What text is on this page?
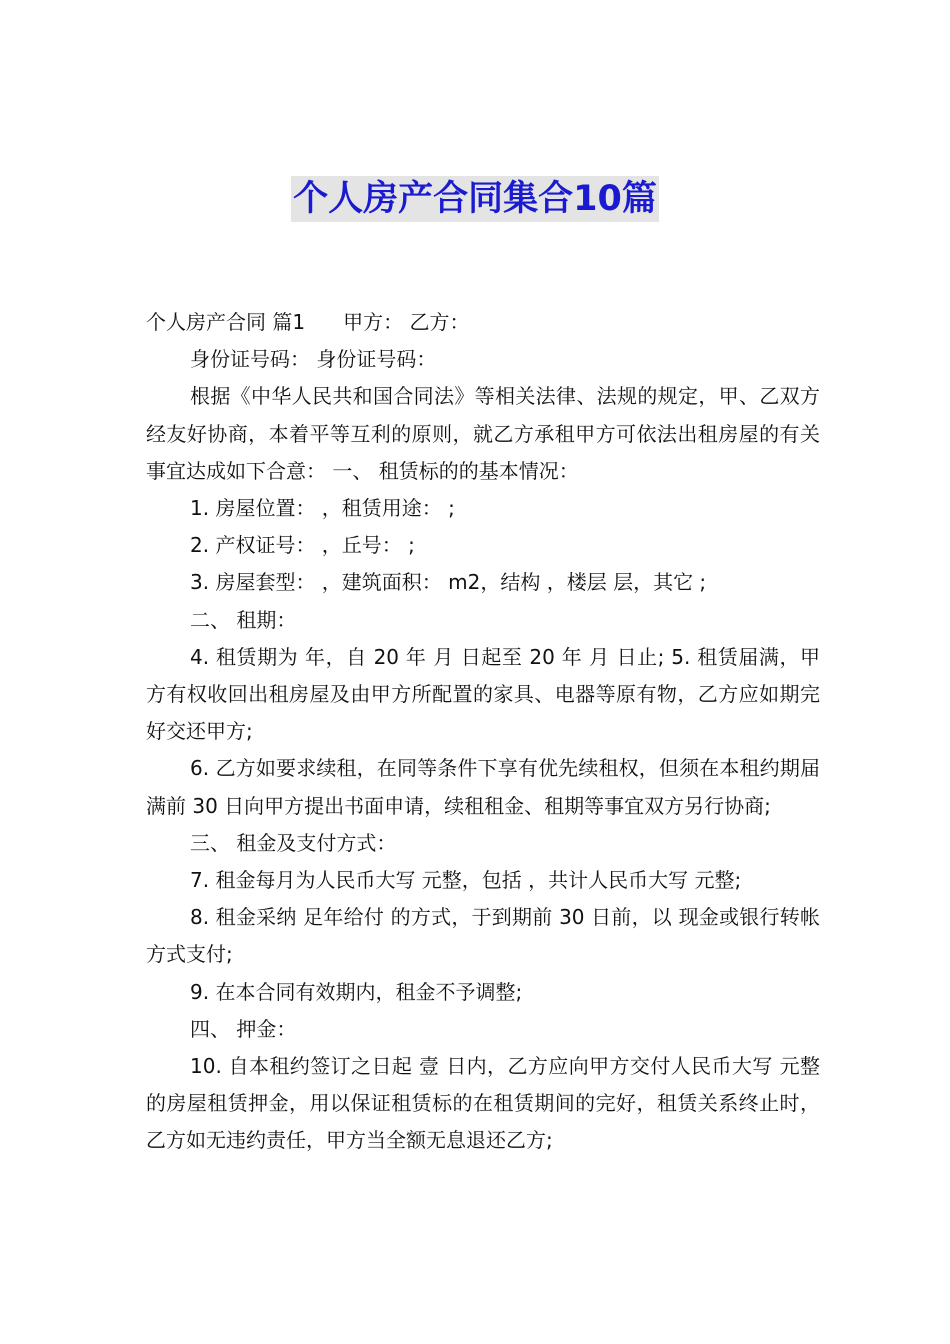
个人房产合同集合10篇

个人房产合同 篇1 甲方： 乙方：

身份证号码： 身份证号码：

根据《中华人民共和国合同法》等相关法律、法规的规定，甲、乙双方经友好协商，本着平等互利的原则，就乙方承租甲方可依法出租房屋的有关事宜达成如下合意： 一、 租赁标的的基本情况：

1. 房屋位置： ，租赁用途： ;

2. 产权证号： ，丘号： ;

3. 房屋套型： ，建筑面积： m2，结构 ，楼层 层，其它 ;

二、 租期：

4. 租赁期为 年，自 20 年 月 日起至 20 年 月 日止; 5. 租赁届满，甲方有权收回出租房屋及由甲方所配置的家具、电器等原有物，乙方应如期完好交还甲方;

6. 乙方如要求续租，在同等条件下享有优先续租权，但须在本租约期届满前 30 日向甲方提出书面申请，续租租金、租期等事宜双方另行协商;

三、 租金及支付方式：

7. 租金每月为人民币大写 元整，包括 ，共计人民币大写 元整;

8. 租金采纳 足年给付 的方式，于到期前 30 日前，以 现金或银行转帐 方式支付;

9. 在本合同有效期内，租金不予调整;

四、 押金：

10. 自本租约签订之日起 壹 日内，乙方应向甲方交付人民币大写 元整的房屋租赁押金，用以保证租赁标的在租赁期间的完好，租赁关系终止时，乙方如无违约责任，甲方当全额无息退还乙方;
